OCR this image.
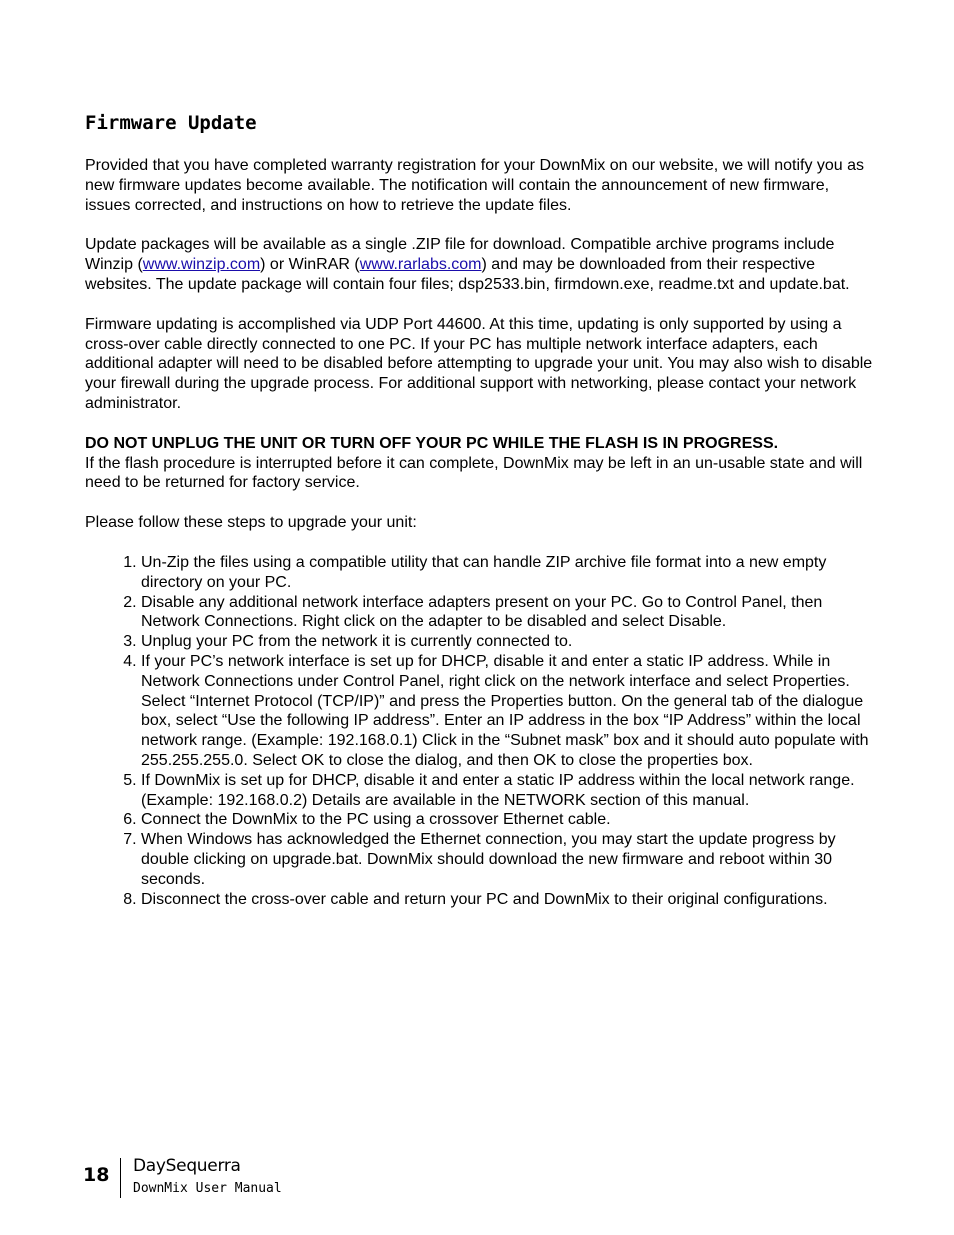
Firmware Update

Provided that you have completed warranty registration for your DownMix on our website, we will notify you as new firmware updates become available. The notification will contain the announcement of new firmware, issues corrected, and instructions on how to retrieve the update files.

Update packages will be available as a single .ZIP file for download. Compatible archive programs include Winzip (www.winzip.com) or WinRAR (www.rarlabs.com) and may be downloaded from their respective websites. The update package will contain four files; dsp2533.bin, firmdown.exe, readme.txt and update.bat.

Firmware updating is accomplished via UDP Port 44600. At this time, updating is only supported by using a cross-over cable directly connected to one PC. If your PC has multiple network interface adapters, each additional adapter will need to be disabled before attempting to upgrade your unit. You may also wish to disable your firewall during the upgrade process. For additional support with networking, please contact your network administrator.

DO NOT UNPLUG THE UNIT OR TURN OFF YOUR PC WHILE THE FLASH IS IN PROGRESS.
If the flash procedure is interrupted before it can complete, DownMix may be left in an un-usable state and will need to be returned for factory service.

Please follow these steps to upgrade your unit:

1. Un-Zip the files using a compatible utility that can handle ZIP archive file format into a new empty directory on your PC.
2. Disable any additional network interface adapters present on your PC. Go to Control Panel, then Network Connections. Right click on the adapter to be disabled and select Disable.
3. Unplug your PC from the network it is currently connected to.
4. If your PC’s network interface is set up for DHCP, disable it and enter a static IP address. While in Network Connections under Control Panel, right click on the network interface and select Properties. Select “Internet Protocol (TCP/IP)” and press the Properties button. On the general tab of the dialogue box, select “Use the following IP address”. Enter an IP address in the box “IP Address” within the local network range. (Example: 192.168.0.1) Click in the “Subnet mask” box and it should auto populate with 255.255.255.0. Select OK to close the dialog, and then OK to close the properties box.
5. If DownMix is set up for DHCP, disable it and enter a static IP address within the local network range. (Example: 192.168.0.2) Details are available in the NETWORK section of this manual.
6. Connect the DownMix to the PC using a crossover Ethernet cable.
7. When Windows has acknowledged the Ethernet connection, you may start the update progress by double clicking on upgrade.bat. DownMix should download the new firmware and reboot within 30 seconds.
8. Disconnect the cross-over cable and return your PC and DownMix to their original configurations.
18 DaySequerra
DownMix User Manual
